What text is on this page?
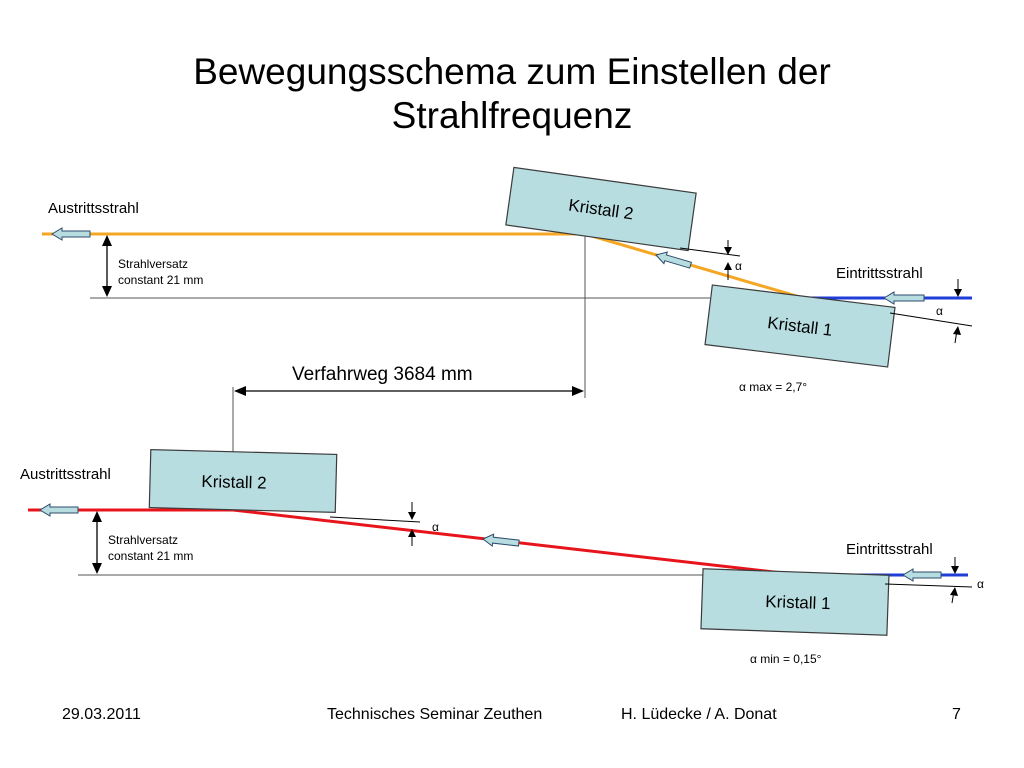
Bewegungsschema zum Einstellen der
Strahlfrequenz
Kristall 2
Kristall 1
Austrittsstrahl
Eintrittsstrahl
Strahlversatz
constant 21 mm
α
α
α max = 2,7°
Verfahrweg 3684 mm
Kristall 2
Kristall 1
Austrittsstrahl
Eintrittsstrahl
Strahlversatz
constant 21 mm
α
α
α min = 0,15°
29.03.2011	Technisches Seminar Zeuthen	H. Lüdecke / A. Donat	7
